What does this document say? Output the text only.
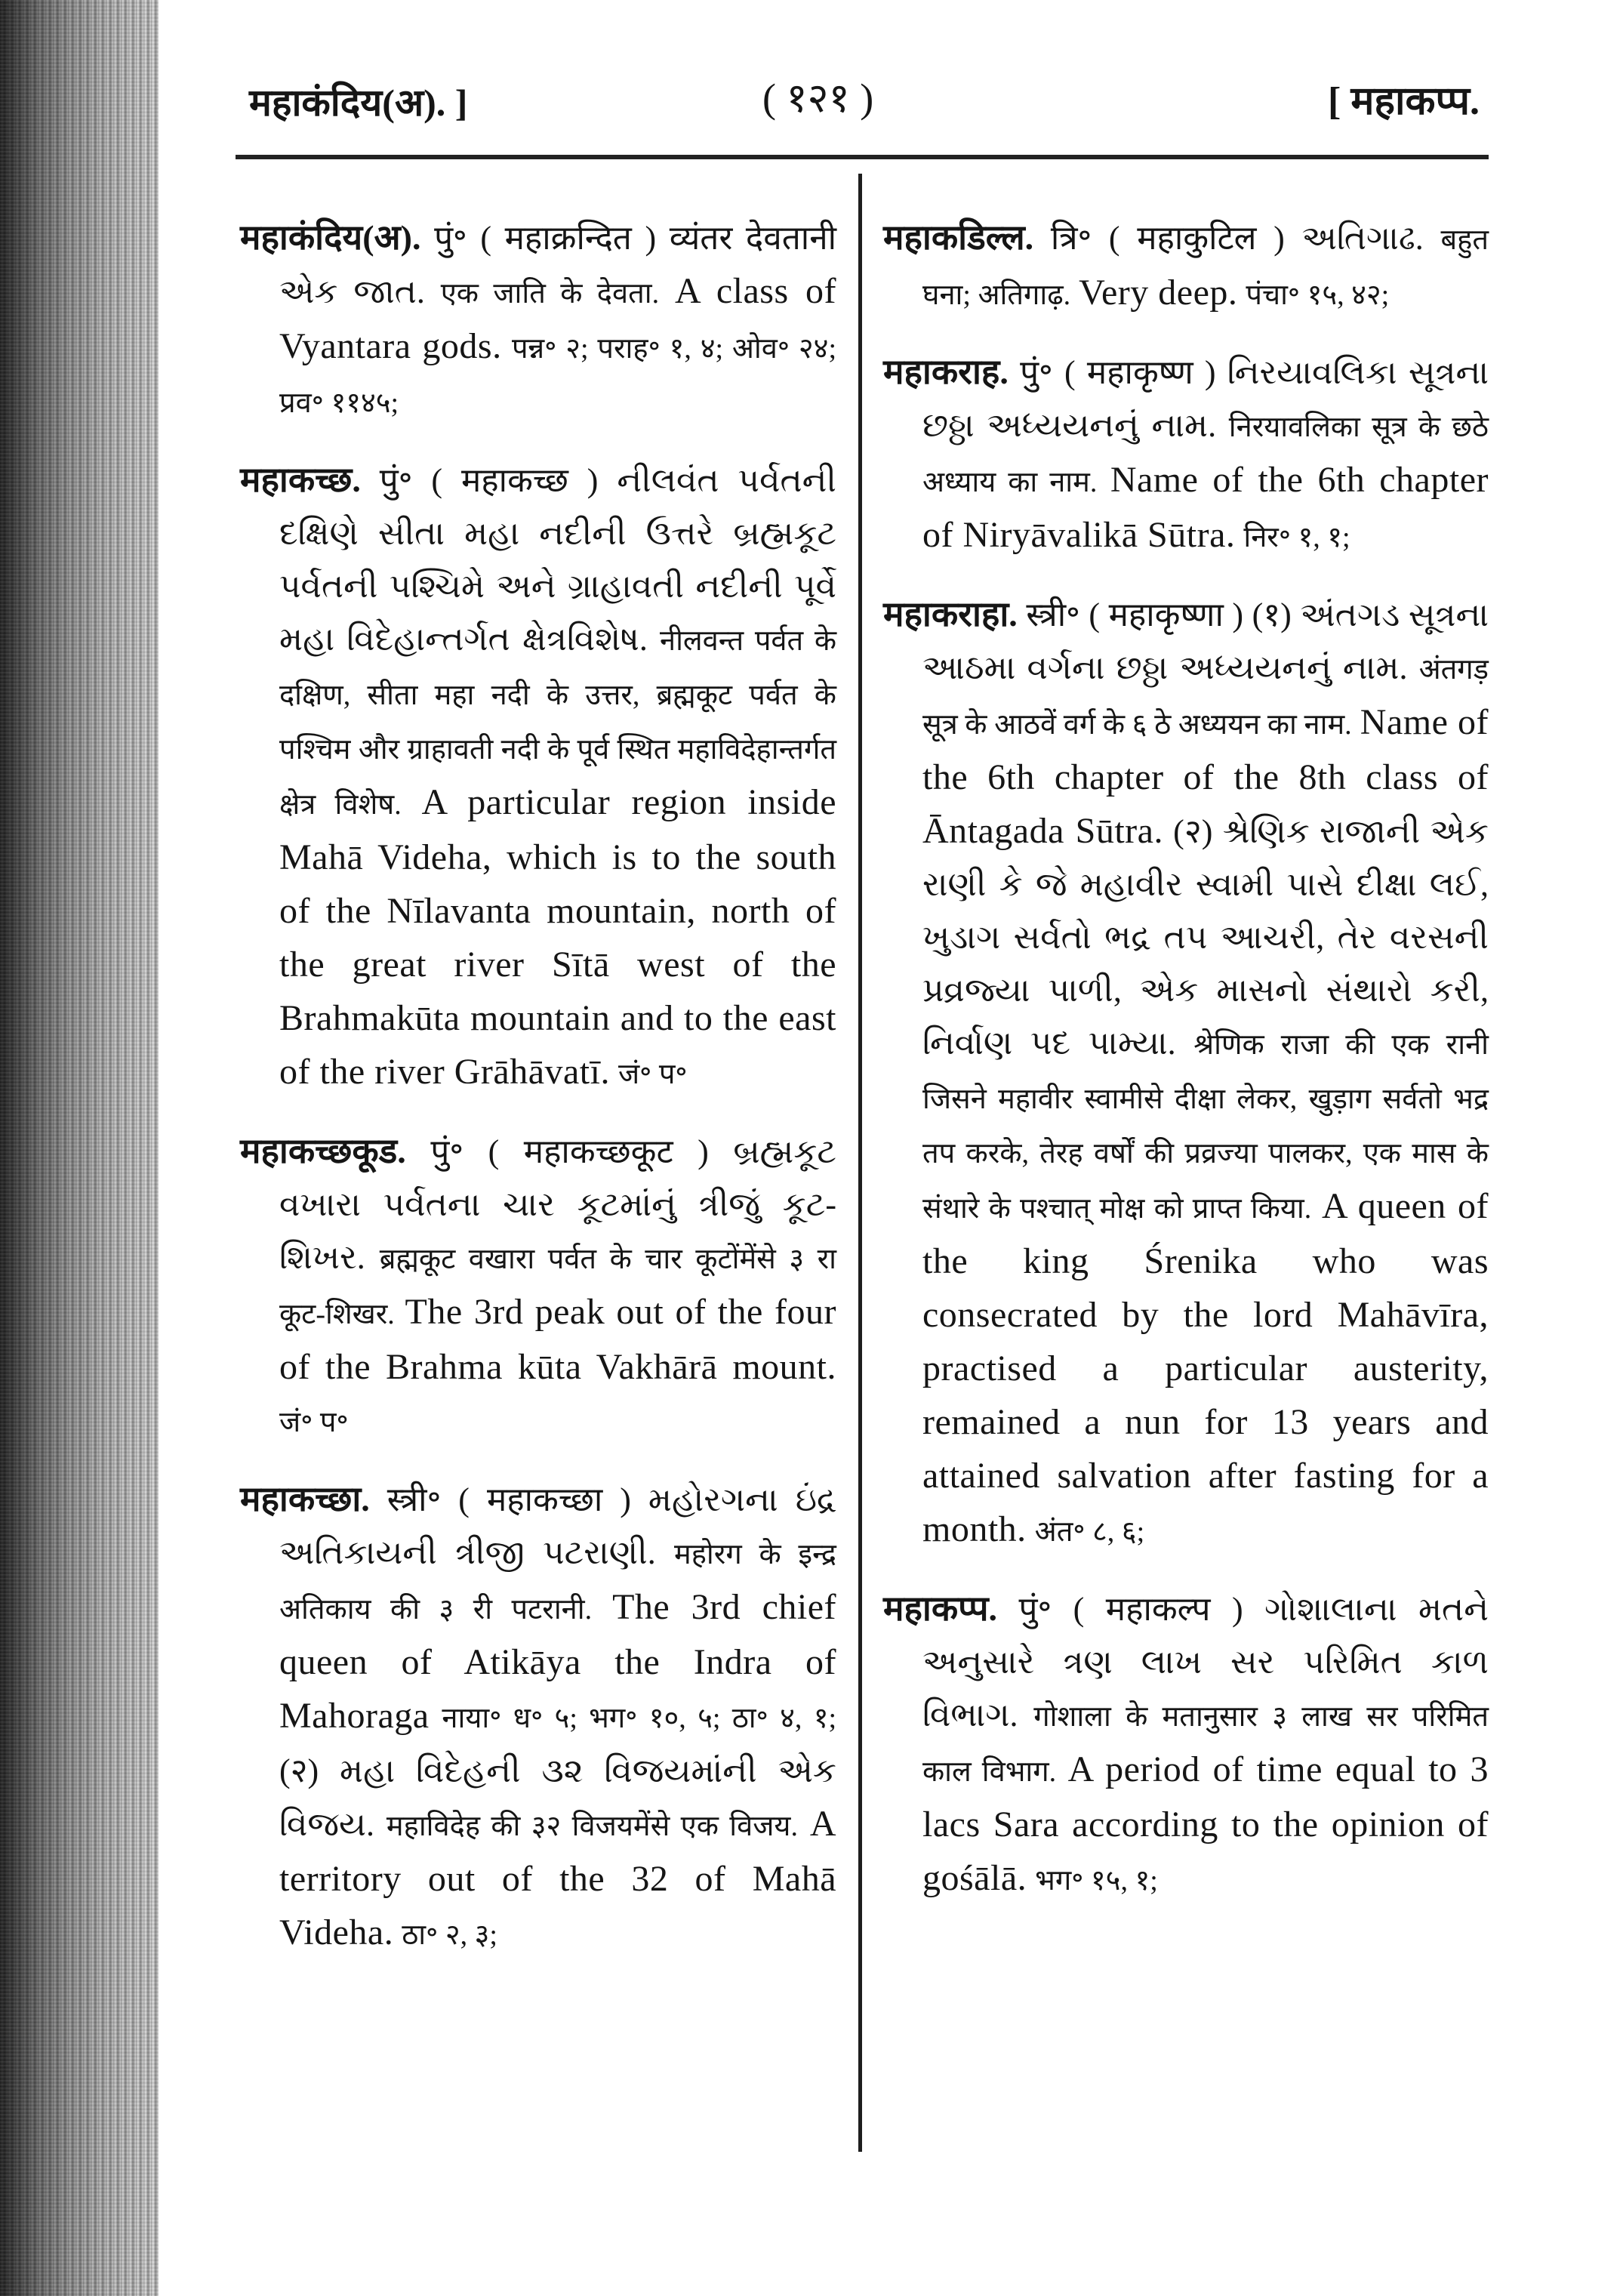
महाकंदिय(अ). ]	( १२१ )	[ महाकप्प.
महाकंदिय(अ). पुं॰ ( महाक्रन्दित ) व्यंतर देवतानी એક જાત. एक जाति के देवता. A class of Vyantara gods. पन्न॰ २; पराह॰ १, ४; ओव॰ २४; प्रव॰ ११४५;
महाकच्छ. पुं॰ ( महाकच्छ ) નીલવંત પર્વતની દક્ષિણે સીતા મહા નદીની ઉત્તરે બ્રહ્મકૂટ પર્વતની પશ્ચિમે અને ગ્રાહાવતી નદીની પૂર્વે મહા વિદેહાન્તર્ગત ક્ષેત્રવિશેષ. नीलवन्त पर्वत के दक्षिण, सीता महा नदी के उत्तर, ब्रह्मकूट पर्वत के पश्चिम और ग्राहावती नदी के पूर्व स्थित महाविदेहान्तर्गत क्षेत्र विशेष. A particular region inside Mahā Videha, which is to the south of the Nīlavanta mountain, north of the great river Sītā west of the Brahmakūta mountain and to the east of the river Grāhāvatī. जं॰ प॰
महाकच्छकूड. पुं॰ ( महाकच्छकूट ) બ્રહ્મકૂટ વખારા પર્વતના ચાર કૂટમાંનું ત્રીજું કૂટ-શિખર. ब्रह्मकूट वखारा पर्वत के चार कूटोंमेंसे ३ रा कूट-शिखर. The 3rd peak out of the four of the Brahma kūta Vakhārā mount. जं॰ प॰
महाकच्छा. स्त्री॰ ( महाकच्छा ) મહોરગના ઇંદ્ર અતિકાયની ત્રીજી પટરાણી. महोरग के इन्द्र अतिकाय की ३ री पटरानी. The 3rd chief queen of Atikāya the Indra of Mahoraga नाया॰ ध॰ ५; भग॰ १०, ५; ठा॰ ४, १; (२) મહા વિદેહની ૩૨ વિજયમાંની એક વિજય. महाविदेह की ३२ विजयमेंसे एक विजय. A territory out of the 32 of Mahā Videha. ठा॰ २, ३;
महाकडिल्ल. त्रि॰ ( महाकुटिल ) અતિગાઢ. बहुत घना; अतिगाढ़. Very deep. पंचा॰ १५, ४२;
महाकराह. पुं॰ ( महाकृष्ण ) નિરયાવલિકા સૂત્રના છઠ્ઠા અધ્યયનનું નામ. निरयावलिका सूत्र के छठे अध्याय का नाम. Name of the 6th chapter of Niryāvalikā Sūtra. निर॰ १, १;
महाकराहा. स्त्री॰ ( महाकृष्णा ) (१) અંતગડ સૂત્રના આઠમા વર્ગના છઠ્ઠા અધ્યયનનું નામ. अंतगड़ सूत्र के आठवें वर्ग के ६ ठे अध्ययन का नाम. Name of the 6th chapter of the 8th class of Āntagada Sūtra. (२) શ્રેણિક રાજાની એક રાણી કે જે મહાવીર સ્વામી પાસે દીક્ષા લઈ, ખુડાગ સર્વતો ભદ્ર તપ આચરી, તેર વરસની પ્રવ્રજ્યા પાળી, એક માસનો સંથારો કરી, નિર્વાણ પદ પામ્યા. श्रेणिक राजा की एक रानी जिसने महावीर स्वामीसे दीक्षा लेकर, खुड़ाग सर्वतो भद्र तप करके, तेरह वर्षों की प्रव्रज्या पालकर, एक मास के संथारे के पश्चात् मोक्ष को प्राप्त किया. A queen of the king Śrenika who was consecrated by the lord Mahāvīra, practised a particular austerity, remained a nun for 13 years and attained salvation after fasting for a month. अंत॰ ८, ६;
महाकप्प. पुं॰ ( महाकल्प ) ગોશાલાના મતને અનુસારે ત્રણ લાખ સર પરિમિત કાળ વિભાગ. गोशाला के मतानुसार ३ लाख सर परिमित काल विभाग. A period of time equal to 3 lacs Sara according to the opinion of gośālā. भग॰ १५, १;
